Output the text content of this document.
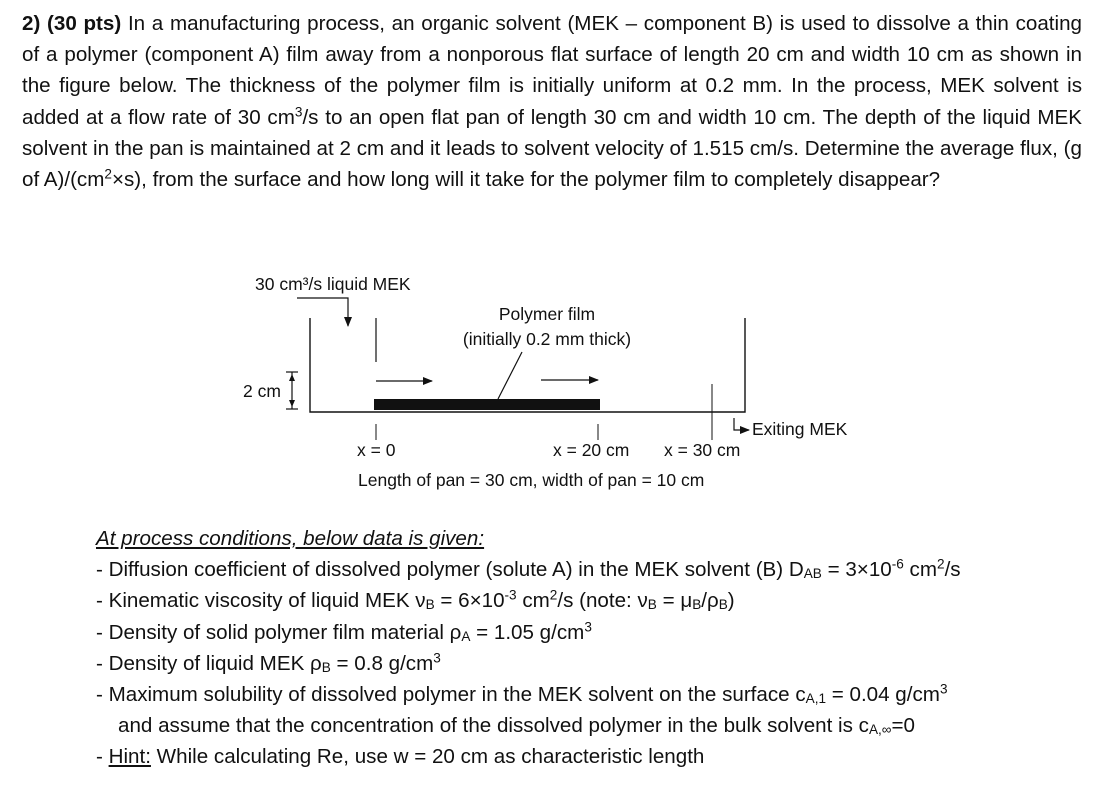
2) (30 pts) In a manufacturing process, an organic solvent (MEK – component B) is used to dissolve a thin coating of a polymer (component A) film away from a nonporous flat surface of length 20 cm and width 10 cm as shown in the figure below. The thickness of the polymer film is initially uniform at 0.2 mm. In the process, MEK solvent is added at a flow rate of 30 $cm^3/s$ to an open flat pan of length 30 cm and width 10 cm. The depth of the liquid MEK solvent in the pan is maintained at 2 cm and it leads to solvent velocity of 1.515 cm/s. Determine the average flux, (g of $A)/(cm^2\times s)$, from the surface and how long will it take for the polymer film to completely disappear?
30 cm³/s liquid MEK
Polymer film
(initially 0.2 mm thick)
2 cm
Exiting MEK
x = 0	x = 20 cm x = 30 cm
Length of pan = 30 cm, width of pan = 10 cm
At process conditions, below data is given:
- Diffusion coefficient of dissolved polymer (solute A) in the MEK solvent (B) $D_{AB} = 3\times 10^{-6}$ $cm^2/s$
- Kinematic viscosity of liquid MEK $\nu_B = 6\times 10^{-3}$ $cm^2/s$ (note: $\nu_B = \mu_B/\rho_B$)
- Density of solid polymer film material $\rho_A = 1.05$ $g/cm^3$
- Density of liquid MEK $\rho_B = 0.8$ $g/cm^3$
- Maximum solubility of dissolved polymer in the MEK solvent on the surface $c_{A,1} = 0.04$ $g/cm^3$
and assume that the concentration of the dissolved polymer in the bulk solvent is $c_{A,\infty}=0$
- Hint: While calculating Re, use w = 20 cm as characteristic length
